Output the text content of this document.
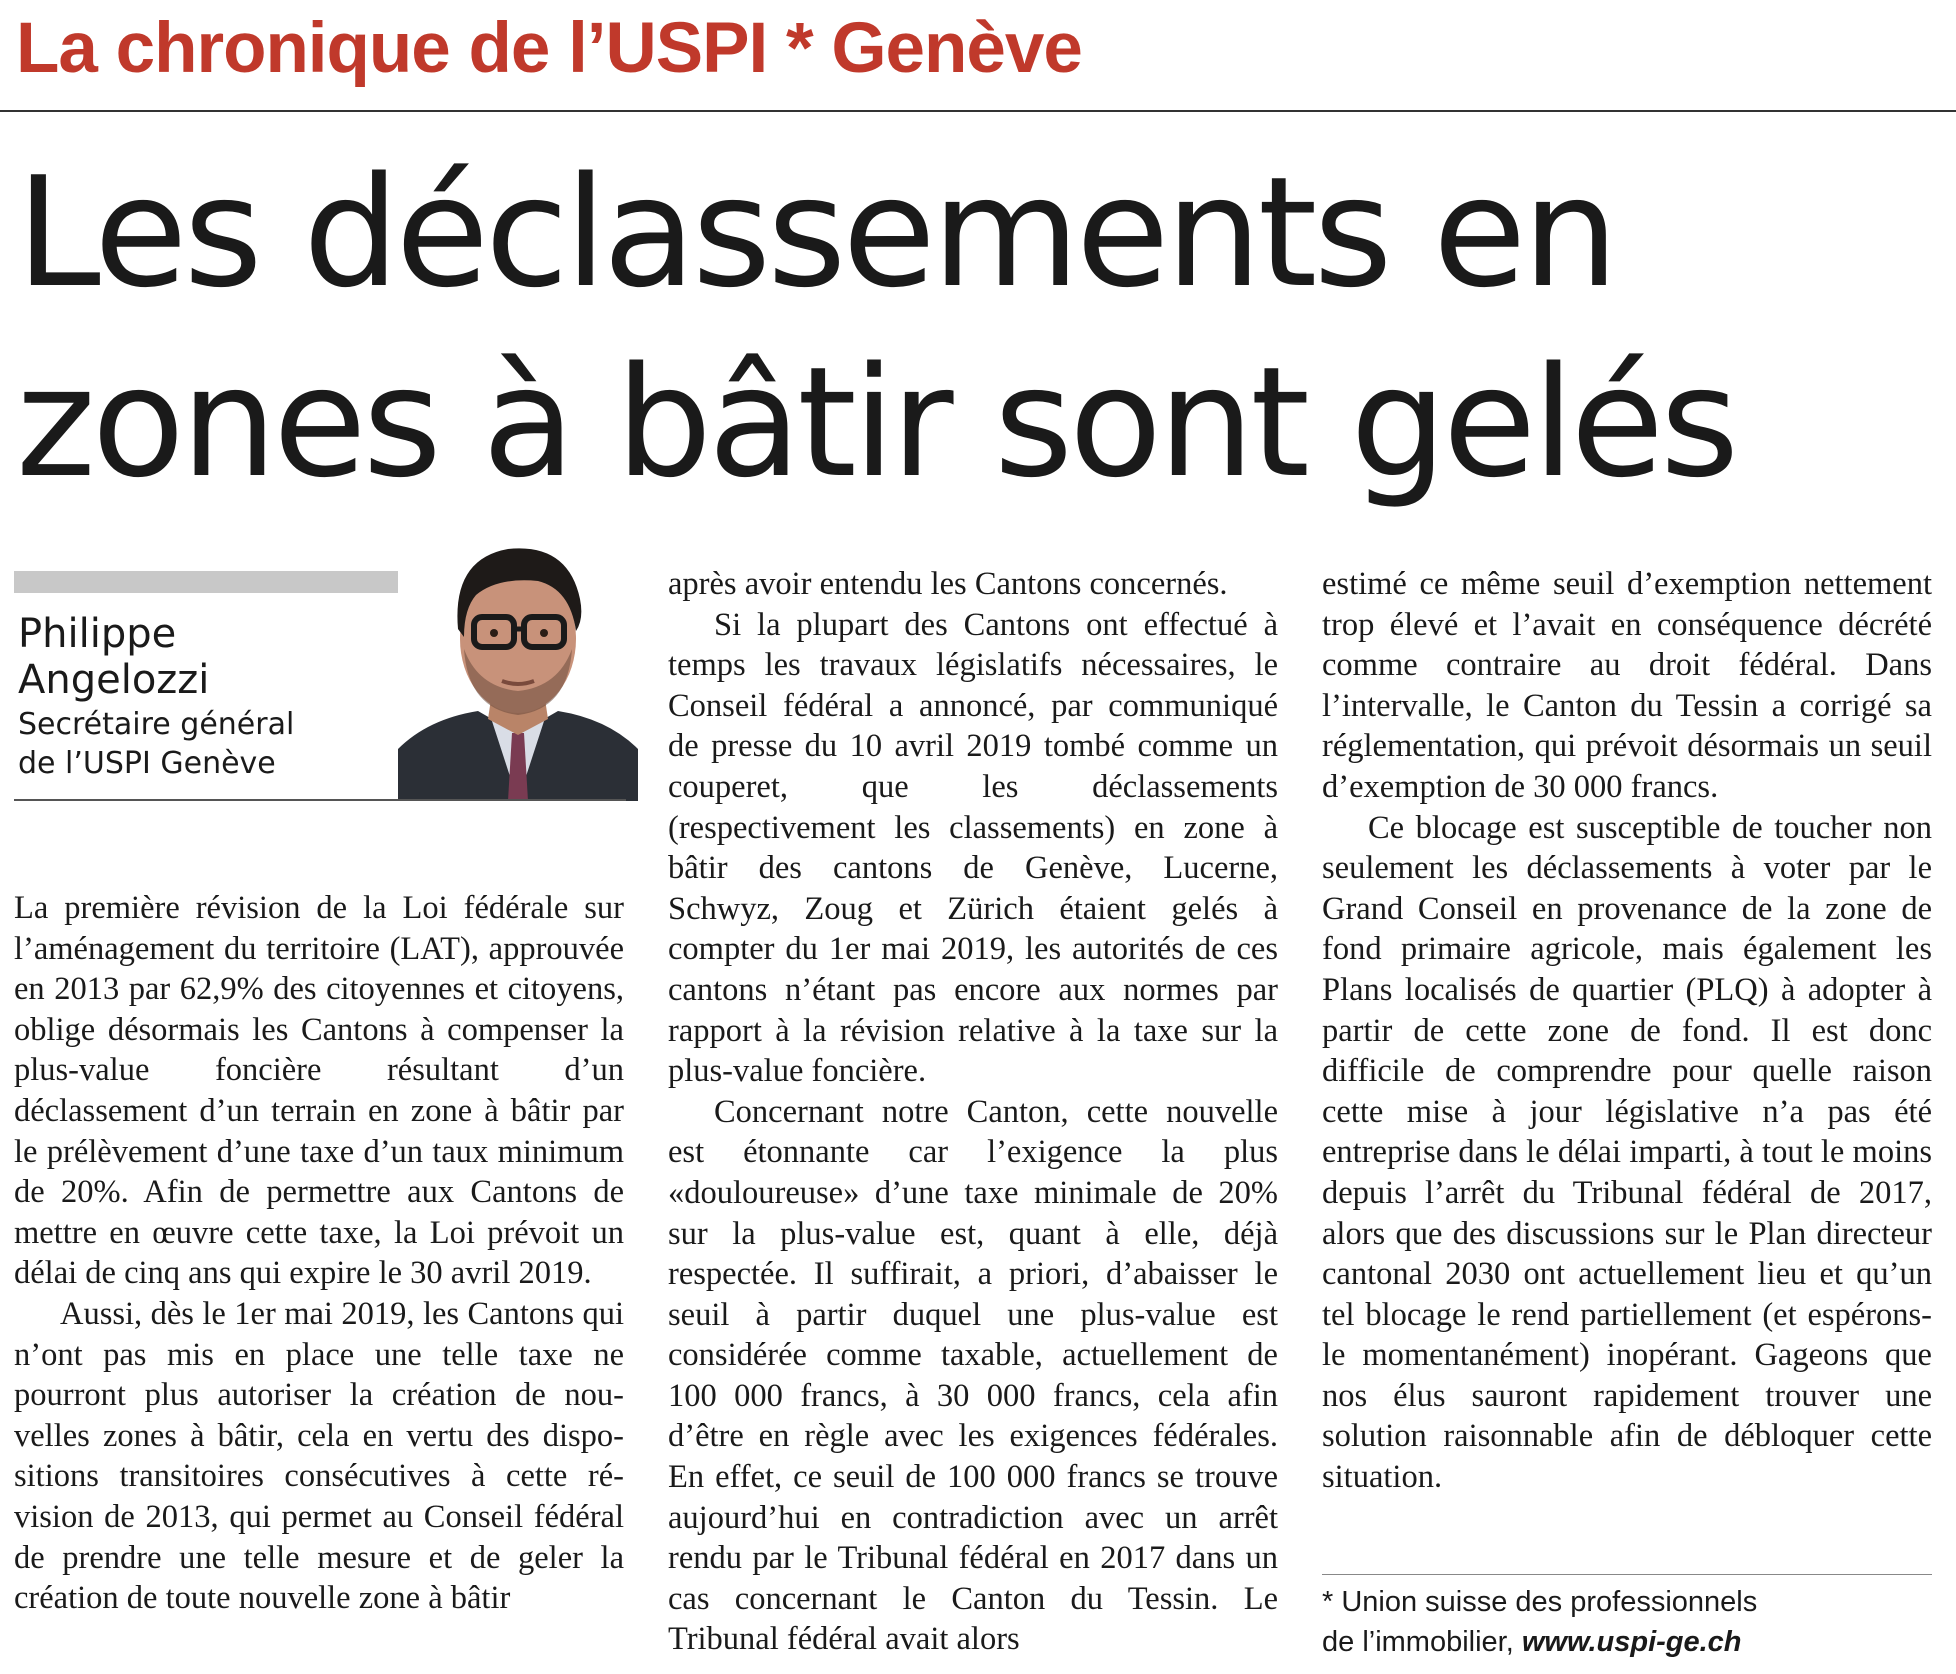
La chronique de l’USPI * Genève
Les déclassements en
zones à bâtir sont gelés
Philippe
Angelozzi
Secrétaire général
de l’USPI Genève

La première révision de la Loi fédérale sur l’aménagement du territoire (LAT), approuvée en 2013 par 62,9% des citoyennes et citoyens, oblige désormais les Cantons à compenser la plus-value foncière résultant d’un déclassement d’un terrain en zone à bâtir par le prélèvement d’une taxe d’un taux minimum de 20%. Afin de permettre aux Cantons de mettre en œuvre cette taxe, la Loi prévoit un délai de cinq ans qui expire le 30 avril 2019.

Aussi, dès le 1er mai 2019, les Cantons qui n’ont pas mis en place une telle taxe ne pourront plus autoriser la création de nouvelles zones à bâtir, cela en vertu des dispositions transitoires consécutives à cette révision de 2013, qui permet au Conseil fédéral de prendre une telle mesure et de geler la création de toute nouvelle zone à bâtir

après avoir entendu les Cantons concernés.

Si la plupart des Cantons ont effectué à temps les travaux législatifs nécessaires, le Conseil fédéral a annoncé, par communiqué de presse du 10 avril 2019 tombé comme un couperet, que les déclassements (respectivement les classements) en zone à bâtir des cantons de Genève, Lucerne, Schwyz, Zoug et Zürich étaient gelés à compter du 1er mai 2019, les autorités de ces cantons n’étant pas encore aux normes par rapport à la révision relative à la taxe sur la plus-value foncière.

Concernant notre Canton, cette nouvelle est étonnante car l’exigence la plus «douloureuse» d’une taxe minimale de 20% sur la plus-value est, quant à elle, déjà respectée. Il suffirait, a priori, d’abaisser le seuil à partir duquel une plus-value est considérée comme taxable, actuellement de 100 000 francs, à 30 000 francs, cela afin d’être en règle avec les exigences fédérales. En effet, ce seuil de 100 000 francs se trouve aujourd’hui en contradiction avec un arrêt rendu par le Tribunal fédéral en 2017 dans un cas concernant le Canton du Tessin. Le Tribunal fédéral avait alors

estimé ce même seuil d’exemption nettement trop élevé et l’avait en conséquence décrété comme contraire au droit fédéral. Dans l’intervalle, le Canton du Tessin a corrigé sa réglementation, qui prévoit désormais un seuil d’exemption de 30 000 francs.

Ce blocage est susceptible de toucher non seulement les déclassements à voter par le Grand Conseil en provenance de la zone de fond primaire agricole, mais également les Plans localisés de quartier (PLQ) à adopter à partir de cette zone de fond. Il est donc difficile de comprendre pour quelle raison cette mise à jour législative n’a pas été entreprise dans le délai imparti, à tout le moins depuis l’arrêt du Tribunal fédéral de 2017, alors que des discussions sur le Plan directeur cantonal 2030 ont actuellement lieu et qu’un tel blocage le rend partiellement (et espérons-le momentanément) inopérant. Gageons que nos élus sauront rapidement trouver une solution raisonnable afin de débloquer cette situation.

* Union suisse des professionnels
de l’immobilier, www.uspi-ge.ch
